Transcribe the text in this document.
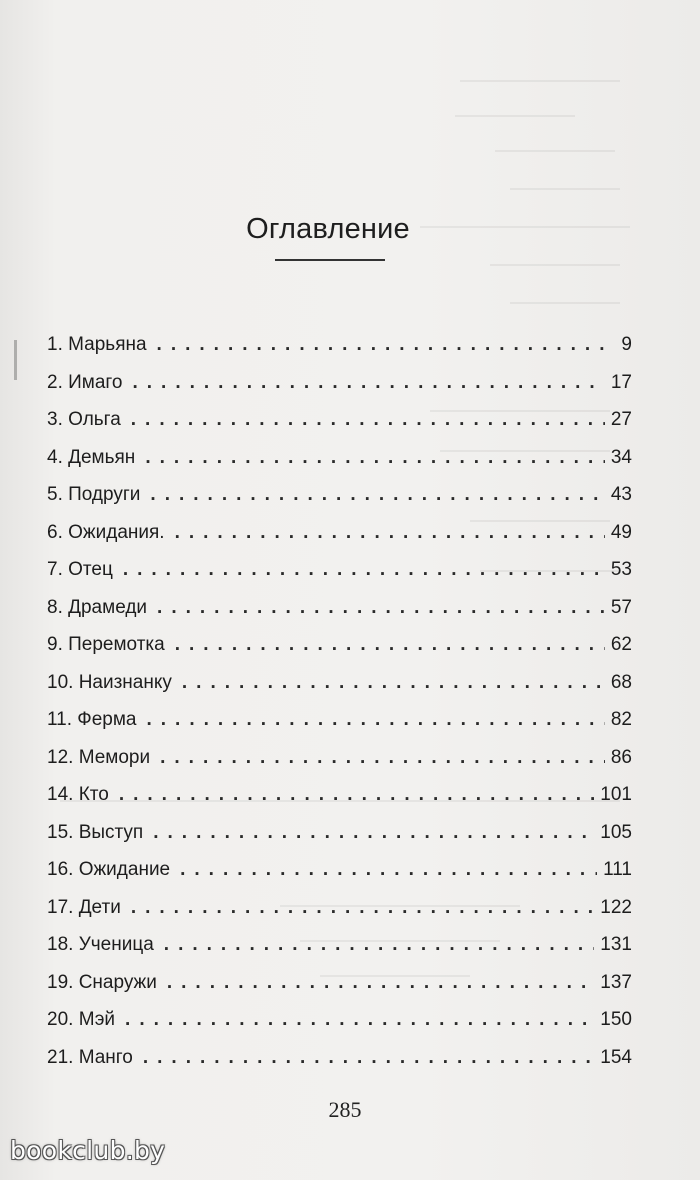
Оглавление
1. Марьяна .....	9
2. Имаго .....	17
3. Ольга .....	27
4. Демьян .....	34
5. Подруги .....	43
6. Ожидания. .....	49
7. Отец .....	53
8. Драмеди .....	57
9. Перемотка .....	62
10. Наизнанку .....	68
11. Ферма .....	82
12. Мемори .....	86
14. Кто .....	101
15. Выступ .....	105
16. Ожидание .....	111
17. Дети .....	122
18. Ученица .....	131
19. Снаружи .....	137
20. Мэй .....	150
21. Манго .....	154
285
bookclub.by
